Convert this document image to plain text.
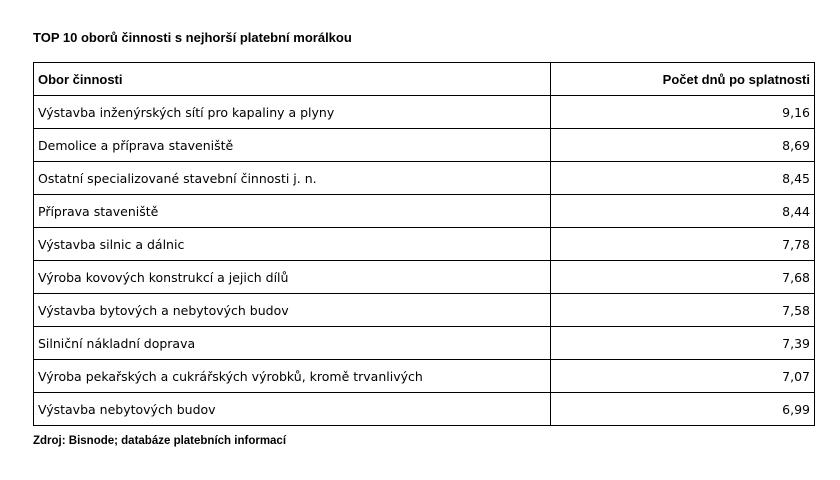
TOP 10 oborů činnosti s nejhorší platební morálkou
Obor činnosti	Počet dnů po splatnosti
Výstavba inženýrských sítí pro kapaliny a plyny	9,16
Demolice a příprava staveniště	8,69
Ostatní specializované stavební činnosti j. n.	8,45
Příprava staveniště	8,44
Výstavba silnic a dálnic	7,78
Výroba kovových konstrukcí a jejich dílů	7,68
Výstavba bytových a nebytových budov	7,58
Silniční nákladní doprava	7,39
Výroba pekařských a cukrářských výrobků, kromě trvanlivých	7,07
Výstavba nebytových budov	6,99
Zdroj: Bisnode; databáze platebních informací
